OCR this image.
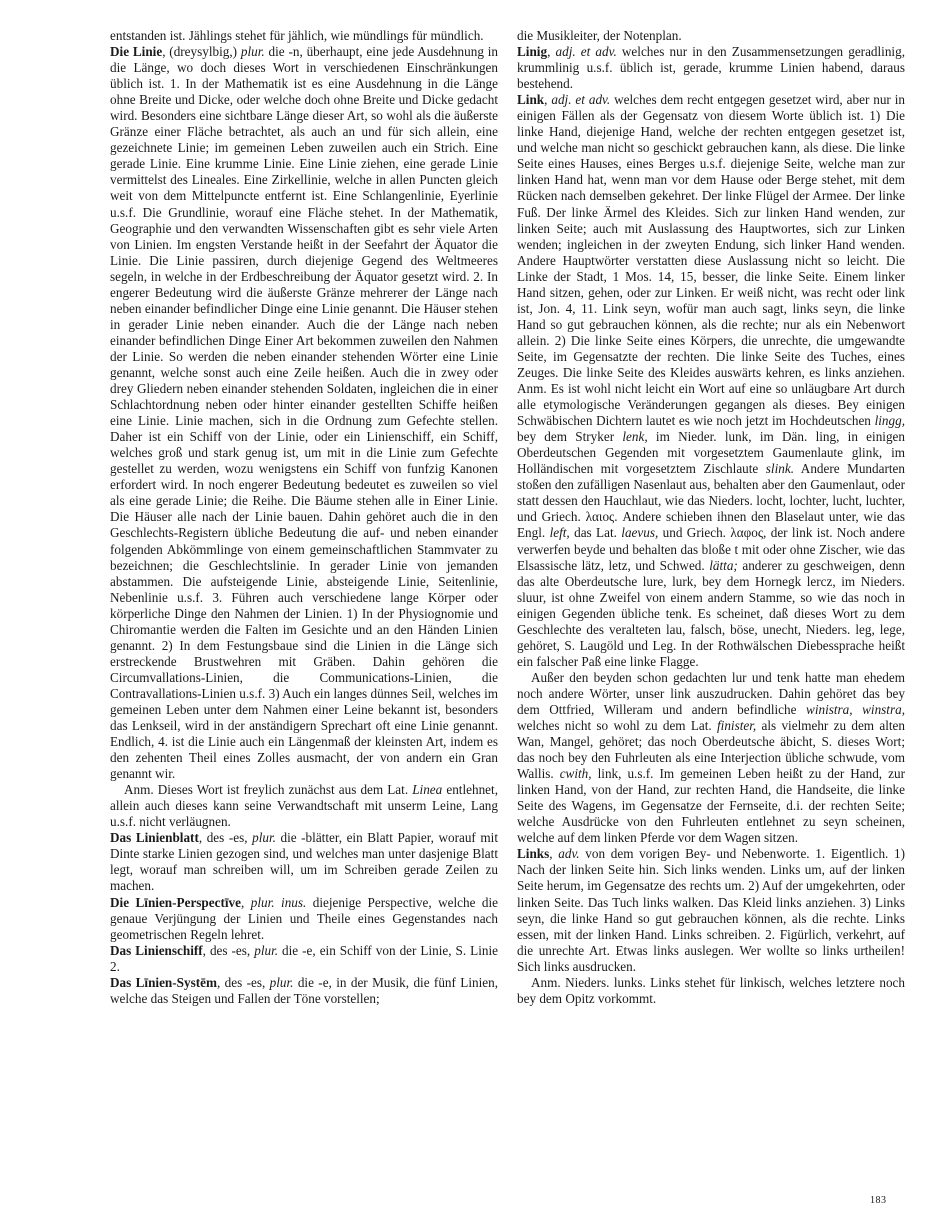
entstanden ist. Jählings stehet für jählich, wie mündlings für mündlich.

Die Linie, (dreysylbig,) plur. die -n, überhaupt, eine jede Ausdehnung in die Länge, wo doch dieses Wort in verschiedenen Einschränkungen üblich ist. 1. In der Mathematik ist es eine Ausdehnung in die Länge ohne Breite und Dicke, oder welche doch ohne Breite und Dicke gedacht wird. Besonders eine sichtbare Länge dieser Art, so wohl als die äußerste Gränze einer Fläche betrachtet, als auch an und für sich allein, eine gezeichnete Linie; im gemeinen Leben zuweilen auch ein Strich. Eine gerade Linie. Eine krumme Linie. Eine Linie ziehen, eine gerade Linie vermittelst des Lineales. Eine Zirkellinie, welche in allen Puncten gleich weit von dem Mittelpuncte entfernt ist. Eine Schlangenlinie, Eyerlinie u.s.f. Die Grundlinie, worauf eine Fläche stehet. In der Mathematik, Geographie und den verwandten Wissenschaften gibt es sehr viele Arten von Linien. Im engsten Verstande heißt in der Seefahrt der Äquator die Linie. Die Linie passiren, durch diejenige Gegend des Weltmeeres segeln, in welche in der Erdbeschreibung der Äquator gesetzt wird. 2. In engerer Bedeutung wird die äußerste Gränze mehrerer der Länge nach neben einander befindlicher Dinge eine Linie genannt. Die Häuser stehen in gerader Linie neben einander. Auch die der Länge nach neben einander befindlichen Dinge Einer Art bekommen zuweilen den Nahmen der Linie. So werden die neben einander stehenden Wörter eine Linie genannt, welche sonst auch eine Zeile heißen. Auch die in zwey oder drey Gliedern neben einander stehenden Soldaten, ingleichen die in einer Schlachtordnung neben oder hinter einander gestellten Schiffe heißen eine Linie. Linie machen, sich in die Ordnung zum Gefechte stellen. Daher ist ein Schiff von der Linie, oder ein Linienschiff, ein Schiff, welches groß und stark genug ist, um mit in die Linie zum Gefechte gestellet zu werden, wozu wenigstens ein Schiff von funfzig Kanonen erfordert wird. In noch engerer Bedeutung bedeutet es zuweilen so viel als eine gerade Linie; die Reihe. Die Bäume stehen alle in Einer Linie. Die Häuser alle nach der Linie bauen. Dahin gehöret auch die in den Geschlechts-Registern übliche Bedeutung die auf- und neben einander folgenden Abkömmlinge von einem gemeinschaftlichen Stammvater zu bezeichnen; die Geschlechtslinie. In gerader Linie von jemanden abstammen. Die aufsteigende Linie, absteigende Linie, Seitenlinie, Nebenlinie u.s.f. 3. Führen auch verschiedene lange Körper oder körperliche Dinge den Nahmen der Linien. 1) In der Physiognomie und Chiromantie werden die Falten im Gesichte und an den Händen Linien genannt. 2) In dem Festungsbaue sind die Linien in die Länge sich erstreckende Brustwehren mit Gräben. Dahin gehören die Circumvallations-Linien, die Communications-Linien, die Contravallations-Linien u.s.f. 3) Auch ein langes dünnes Seil, welches im gemeinen Leben unter dem Nahmen einer Leine bekannt ist, besonders das Lenkseil, wird in der anständigern Sprechart oft eine Linie genannt. Endlich, 4. ist die Linie auch ein Längenmaß der kleinsten Art, indem es den zehenten Theil eines Zolles ausmacht, der von andern ein Gran genannt wir.

Anm. Dieses Wort ist freylich zunächst aus dem Lat. Linea entlehnet, allein auch dieses kann seine Verwandtschaft mit unserm Leine, Lang u.s.f. nicht verläugnen.

Das Linienblatt, des -es, plur. die -blätter, ein Blatt Papier, worauf mit Dinte starke Linien gezogen sind, und welches man unter dasjenige Blatt legt, worauf man schreiben will, um im Schreiben gerade Zeilen zu machen.

Die Līnien-Perspectīve, plur. inus. diejenige Perspective, welche die genaue Verjüngung der Linien und Theile eines Gegenstandes nach geometrischen Regeln lehret.

Das Linienschiff, des -es, plur. die -e, ein Schiff von der Linie, S. Linie 2.

Das Līnien-Systēm, des -es, plur. die -e, in der Musik, die fünf Linien, welche das Steigen und Fallen der Töne vorstellen;

die Musikleiter, der Notenplan.

Linig, adj. et adv. welches nur in den Zusammensetzungen geradlinig, krummlinig u.s.f. üblich ist, gerade, krumme Linien habend, daraus bestehend.

Link, adj. et adv. welches dem recht entgegen gesetzet wird, aber nur in einigen Fällen als der Gegensatz von diesem Worte üblich ist. 1) Die linke Hand, diejenige Hand, welche der rechten entgegen gesetzet ist, und welche man nicht so geschickt gebrauchen kann, als diese. Die linke Seite eines Hauses, eines Berges u.s.f. diejenige Seite, welche man zur linken Hand hat, wenn man vor dem Hause oder Berge stehet, mit dem Rücken nach demselben gekehret. Der linke Flügel der Armee. Der linke Fuß. Der linke Ärmel des Kleides. Sich zur linken Hand wenden, zur linken Seite; auch mit Auslassung des Hauptwortes, sich zur Linken wenden; ingleichen in der zweyten Endung, sich linker Hand wenden. Andere Hauptwörter verstatten diese Auslassung nicht so leicht. Die Linke der Stadt, 1 Mos. 14, 15, besser, die linke Seite. Einem linker Hand sitzen, gehen, oder zur Linken. Er weiß nicht, was recht oder link ist, Jon. 4, 11. Link seyn, wofür man auch sagt, links seyn, die linke Hand so gut gebrauchen können, als die rechte; nur als ein Nebenwort allein. 2) Die linke Seite eines Körpers, die unrechte, die umgewandte Seite, im Gegensatzte der rechten. Die linke Seite des Tuches, eines Zeuges. Die linke Seite des Kleides auswärts kehren, es links anziehen. Anm. Es ist wohl nicht leicht ein Wort auf eine so unläugbare Art durch alle etymologische Veränderungen gegangen als dieses. Bey einigen Schwäbischen Dichtern lautet es wie noch jetzt im Hochdeutschen lingg, bey dem Stryker lenk, im Nieder. lunk, im Dän. ling, in einigen Oberdeutschen Gegenden mit vorgesetztem Gaumenlaute glink, im Holländischen mit vorgesetztem Zischlaute slink. Andere Mundarten stoßen den zufälligen Nasenlaut aus, behalten aber den Gaumenlaut, oder statt dessen den Hauchlaut, wie das Nieders. locht, lochter, lucht, luchter, und Griech. λαιος. Andere schieben ihnen den Blaselaut unter, wie das Engl. left, das Lat. laevus, und Griech. λαφος, der link ist. Noch andere verwerfen beyde und behalten das bloße t mit oder ohne Zischer, wie das Elsassische lätz, letz, und Schwed. lätta; anderer zu geschweigen, denn das alte Oberdeutsche lure, lurk, bey dem Hornegk lercz, im Nieders. sluur, ist ohne Zweifel von einem andern Stamme, so wie das noch in einigen Gegenden übliche tenk. Es scheinet, daß dieses Wort zu dem Geschlechte des veralteten lau, falsch, böse, unecht, Nieders. leg, lege, gehöret, S. Laugöld und Leg. In der Rothwälschen Diebessprache heißt ein falscher Paß eine linke Flagge.

Außer den beyden schon gedachten lur und tenk hatte man ehedem noch andere Wörter, unser link auszudrucken. Dahin gehöret das bey dem Ottfried, Willeram und andern befindliche winistra, winstra, welches nicht so wohl zu dem Lat. finister, als vielmehr zu dem alten Wan, Mangel, gehöret; das noch Oberdeutsche äbicht, S. dieses Wort; das noch bey den Fuhrleuten als eine Interjection übliche schwude, vom Wallis. cwith, link, u.s.f. Im gemeinen Leben heißt zu der Hand, zur linken Hand, von der Hand, zur rechten Hand, die Handseite, die linke Seite des Wagens, im Gegensatze der Fernseite, d.i. der rechten Seite; welche Ausdrücke von den Fuhrleuten entlehnet zu seyn scheinen, welche auf dem linken Pferde vor dem Wagen sitzen.

Links, adv. von dem vorigen Bey- und Nebenworte. 1. Eigentlich. 1) Nach der linken Seite hin. Sich links wenden. Links um, auf der linken Seite herum, im Gegensatze des rechts um. 2) Auf der umgekehrten, oder linken Seite. Das Tuch links walken. Das Kleid links anziehen. 3) Links seyn, die linke Hand so gut gebrauchen können, als die rechte. Links essen, mit der linken Hand. Links schreiben. 2. Figürlich, verkehrt, auf die unrechte Art. Etwas links auslegen. Wer wollte so links urtheilen! Sich links ausdrucken.

Anm. Nieders. lunks. Links stehet für linkisch, welches letztere noch bey dem Opitz vorkommt.

183
